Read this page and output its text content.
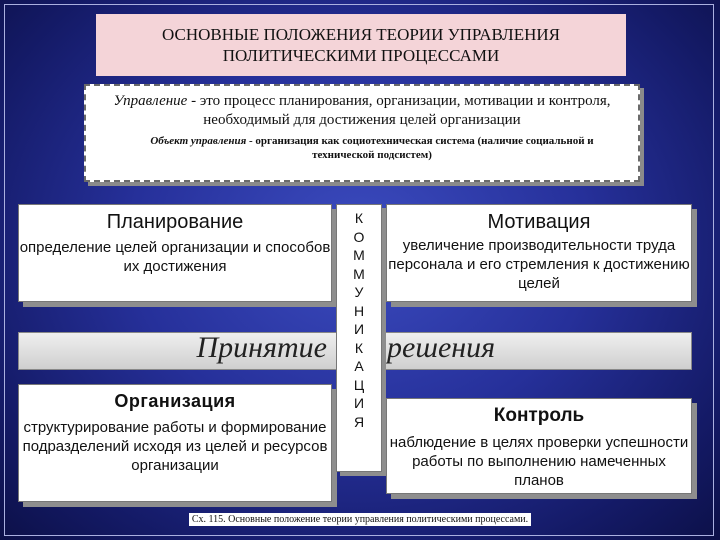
ОСНОВНЫЕ ПОЛОЖЕНИЯ ТЕОРИИ УПРАВЛЕНИЯ
ПОЛИТИЧЕСКИМИ ПРОЦЕССАМИ
Управление - это процесс планирования, организации, мотивации и контроля, необходимый для достижения целей организации
Объект управления - организация как социотехническая система (наличие социальной и технической подсистем)
Планирование
определение целей организации и способов их достижения
Мотивация
увеличение производительности труда персонала и его стремления к достижению целей
Принятие решения
Организация
структурирование работы и формирование подразделений исходя из целей и ресурсов организации
Контроль
наблюдение в целях проверки успешности работы по выполнению намеченных планов
К
О
М
М
У
Н
И
К
А
Ц
И
Я
Сх. 115. Основные положение теории управления политическими процессами.
